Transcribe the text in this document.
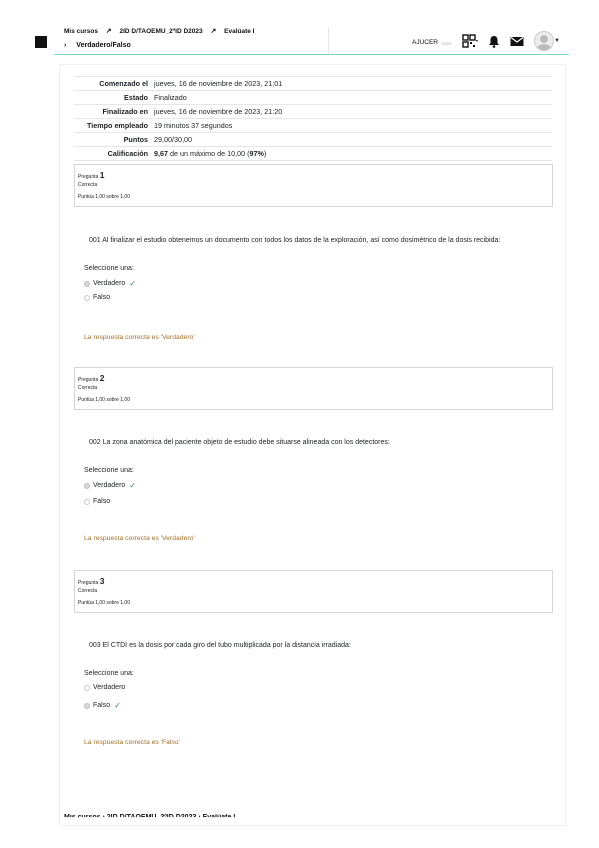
Mis cursos ↗ 2ID D/TAOEMU_2ºID D2023 ↗ Evalúate I
› Verdadero/Falso	AJUCER 2023	▼
Comenzado el	jueves, 16 de noviembre de 2023, 21:01
Estado	Finalizado
Finalizado en	jueves, 16 de noviembre de 2023, 21:20
Tiempo empleado	19 minutos 37 segundos
Puntos	29,00/30,00
Calificación	9,67 de un máximo de 10,00 (97%)
Pregunta 1
Correcta
Puntúa 1,00 sobre 1,00
001 Al finalizar el estudio obtenemos un documento con todos los datos de la exploración, así como dosimétrico de la dosis recibida:
Seleccione una:
Verdadero ✓
Falso
La respuesta correcta es 'Verdadero'
Pregunta 2
Correcta
Puntúa 1,00 sobre 1,00
002 La zona anatómica del paciente objeto de estudio debe situarse alineada con los detectores:
Seleccione una:
Verdadero ✓
Falso
La respuesta correcta es 'Verdadero'
Pregunta 3
Correcta
Puntúa 1,00 sobre 1,00
003 El CTDI es la dosis por cada giro del tubo multiplicada por la distancia irradiada:
Seleccione una:
Verdadero
Falso ✓
La respuesta correcta es 'Falso'
